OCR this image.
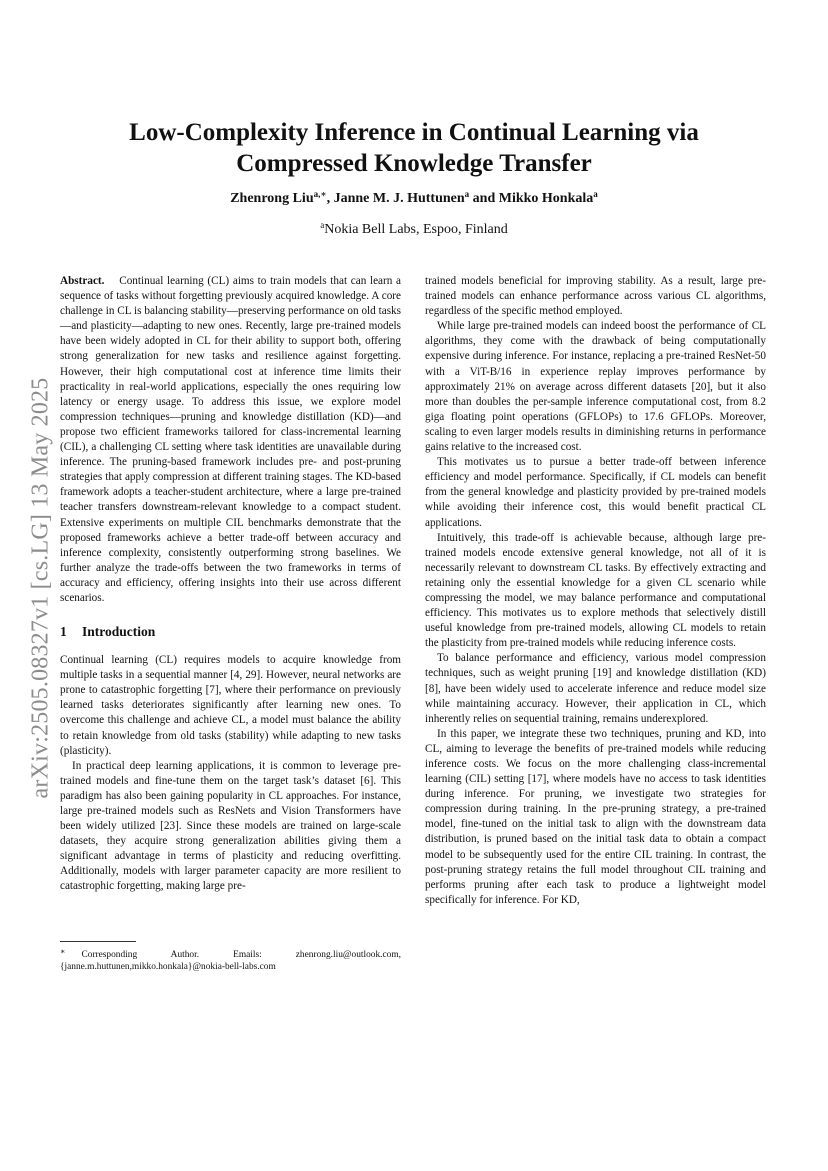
arXiv:2505.08327v1 [cs.LG] 13 May 2025
Low-Complexity Inference in Continual Learning via
Compressed Knowledge Transfer
Zhenrong Liu$^{a,∗}$, Janne M. J. Huttunen$^a$ and Mikko Honkala$^a$
$^a$Nokia Bell Labs, Espoo, Finland

Abstract. Continual learning (CL) aims to train models that can learn a sequence of tasks without forgetting previously acquired knowledge. A core challenge in CL is balancing stability—preserving performance on old tasks—and plasticity—adapting to new ones. Recently, large pre-trained models have been widely adopted in CL for their ability to support both, offering strong generalization for new tasks and resilience against forgetting. However, their high computational cost at inference time limits their practicality in real-world applications, especially the ones requiring low latency or energy usage. To address this issue, we explore model compression techniques—pruning and knowledge distillation (KD)—and propose two efficient frameworks tailored for class-incremental learning (CIL), a challenging CL setting where task identities are unavailable during inference. The pruning-based framework includes pre- and post-pruning strategies that apply compression at different training stages. The KD-based framework adopts a teacher-student architecture, where a large pre-trained teacher transfers downstream-relevant knowledge to a compact student. Extensive experiments on multiple CIL benchmarks demonstrate that the proposed frameworks achieve a better trade-off between accuracy and inference complexity, consistently outperforming strong baselines. We further analyze the trade-offs between the two frameworks in terms of accuracy and efficiency, offering insights into their use across different scenarios.

1 Introduction

Continual learning (CL) requires models to acquire knowledge from multiple tasks in a sequential manner [4, 29]. However, neural networks are prone to catastrophic forgetting [7], where their performance on previously learned tasks deteriorates significantly after learning new ones. To overcome this challenge and achieve CL, a model must balance the ability to retain knowledge from old tasks (stability) while adapting to new tasks (plasticity).

In practical deep learning applications, it is common to leverage pre-trained models and fine-tune them on the target task’s dataset [6]. This paradigm has also been gaining popularity in CL approaches. For instance, large pre-trained models such as ResNets and Vision Transformers have been widely utilized [23]. Since these models are trained on large-scale datasets, they acquire strong generalization abilities giving them a significant advantage in terms of plasticity and reducing overfitting. Additionally, models with larger parameter capacity are more resilient to catastrophic forgetting, making large pre-

trained models beneficial for improving stability. As a result, large pre-trained models can enhance performance across various CL algorithms, regardless of the specific method employed.

While large pre-trained models can indeed boost the performance of CL algorithms, they come with the drawback of being computationally expensive during inference. For instance, replacing a pre-trained ResNet-50 with a ViT-B/16 in experience replay improves performance by approximately 21% on average across different datasets [20], but it also more than doubles the per-sample inference computational cost, from 8.2 giga floating point operations (GFLOPs) to 17.6 GFLOPs. Moreover, scaling to even larger models results in diminishing returns in performance gains relative to the increased cost.

This motivates us to pursue a better trade-off between inference efficiency and model performance. Specifically, if CL models can benefit from the general knowledge and plasticity provided by pre-trained models while avoiding their inference cost, this would benefit practical CL applications.

Intuitively, this trade-off is achievable because, although large pre-trained models encode extensive general knowledge, not all of it is necessarily relevant to downstream CL tasks. By effectively extracting and retaining only the essential knowledge for a given CL scenario while compressing the model, we may balance performance and computational efficiency. This motivates us to explore methods that selectively distill useful knowledge from pre-trained models, allowing CL models to retain the plasticity from pre-trained models while reducing inference costs.

To balance performance and efficiency, various model compression techniques, such as weight pruning [19] and knowledge distillation (KD) [8], have been widely used to accelerate inference and reduce model size while maintaining accuracy. However, their application in CL, which inherently relies on sequential training, remains underexplored.

In this paper, we integrate these two techniques, pruning and KD, into CL, aiming to leverage the benefits of pre-trained models while reducing inference costs. We focus on the more challenging class-incremental learning (CIL) setting [17], where models have no access to task identities during inference. For pruning, we investigate two strategies for compression during training. In the pre-pruning strategy, a pre-trained model, fine-tuned on the initial task to align with the downstream data distribution, is pruned based on the initial task data to obtain a compact model to be subsequently used for the entire CIL training. In contrast, the post-pruning strategy retains the full model throughout CIL training and performs pruning after each task to produce a lightweight model specifically for inference. For KD,

∗ Corresponding Author. Emails: zhenrong.liu@outlook.com, {janne.m.huttunen,mikko.honkala}@nokia-bell-labs.com
